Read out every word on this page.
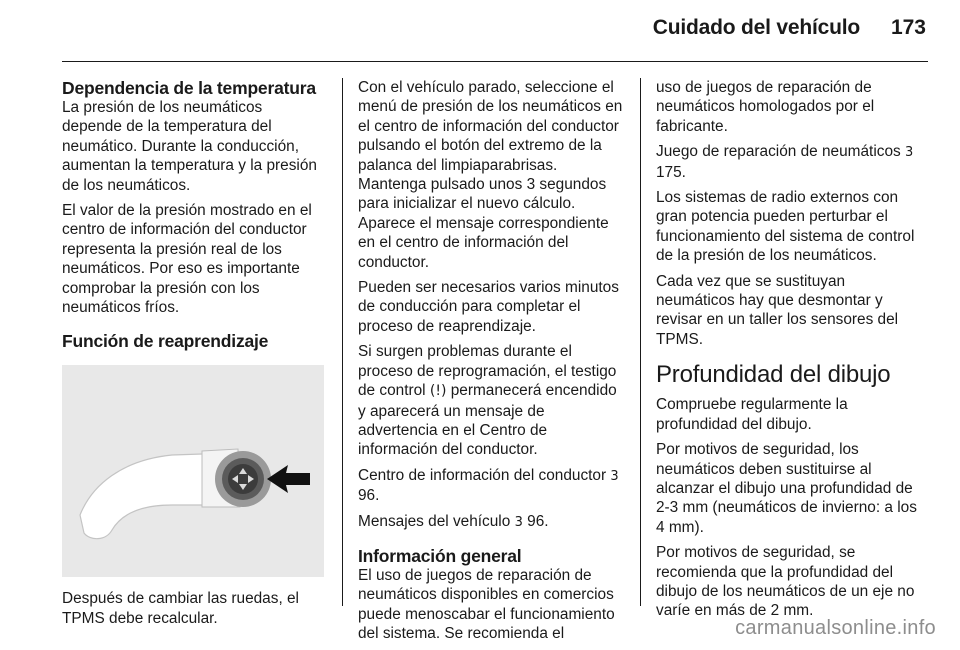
Cuidado del vehículo	173
Dependencia de la temperatura

La presión de los neumáticos depende de la temperatura del neumático. Durante la conducción, aumentan la temperatura y la presión de los neumáticos.

El valor de la presión mostrado en el centro de información del conductor representa la presión real de los neumáticos. Por eso es importante comprobar la presión con los neumáticos fríos.

Función de reaprendizaje

Después de cambiar las ruedas, el TPMS debe recalcular.

Con el vehículo parado, seleccione el menú de presión de los neumáticos en el centro de información del conductor pulsando el botón del extremo de la palanca del limpiaparabrisas. Mantenga pulsado unos 3 segundos para inicializar el nuevo cálculo. Aparece el mensaje correspondiente en el centro de información del conductor.

Pueden ser necesarios varios minutos de conducción para completar el proceso de reaprendizaje.

Si surgen problemas durante el proceso de reprogramación, el testigo de control (!) permanecerá encendido y aparecerá un mensaje de advertencia en el Centro de información del conductor.

Centro de información del conductor 3 96.

Mensajes del vehículo 3 96.

Información general

El uso de juegos de reparación de neumáticos disponibles en comercios puede menoscabar el funcionamiento del sistema. Se recomienda el

uso de juegos de reparación de neumáticos homologados por el fabricante.

Juego de reparación de neumáticos 3 175.

Los sistemas de radio externos con gran potencia pueden perturbar el funcionamiento del sistema de control de la presión de los neumáticos.

Cada vez que se sustituyan neumáticos hay que desmontar y revisar en un taller los sensores del TPMS.

Profundidad del dibujo

Compruebe regularmente la profundidad del dibujo.

Por motivos de seguridad, los neumáticos deben sustituirse al alcanzar el dibujo una profundidad de 2-3 mm (neumáticos de invierno: a los 4 mm).

Por motivos de seguridad, se recomienda que la profundidad del dibujo de los neumáticos de un eje no varíe en más de 2 mm.

carmanualsonline.info
